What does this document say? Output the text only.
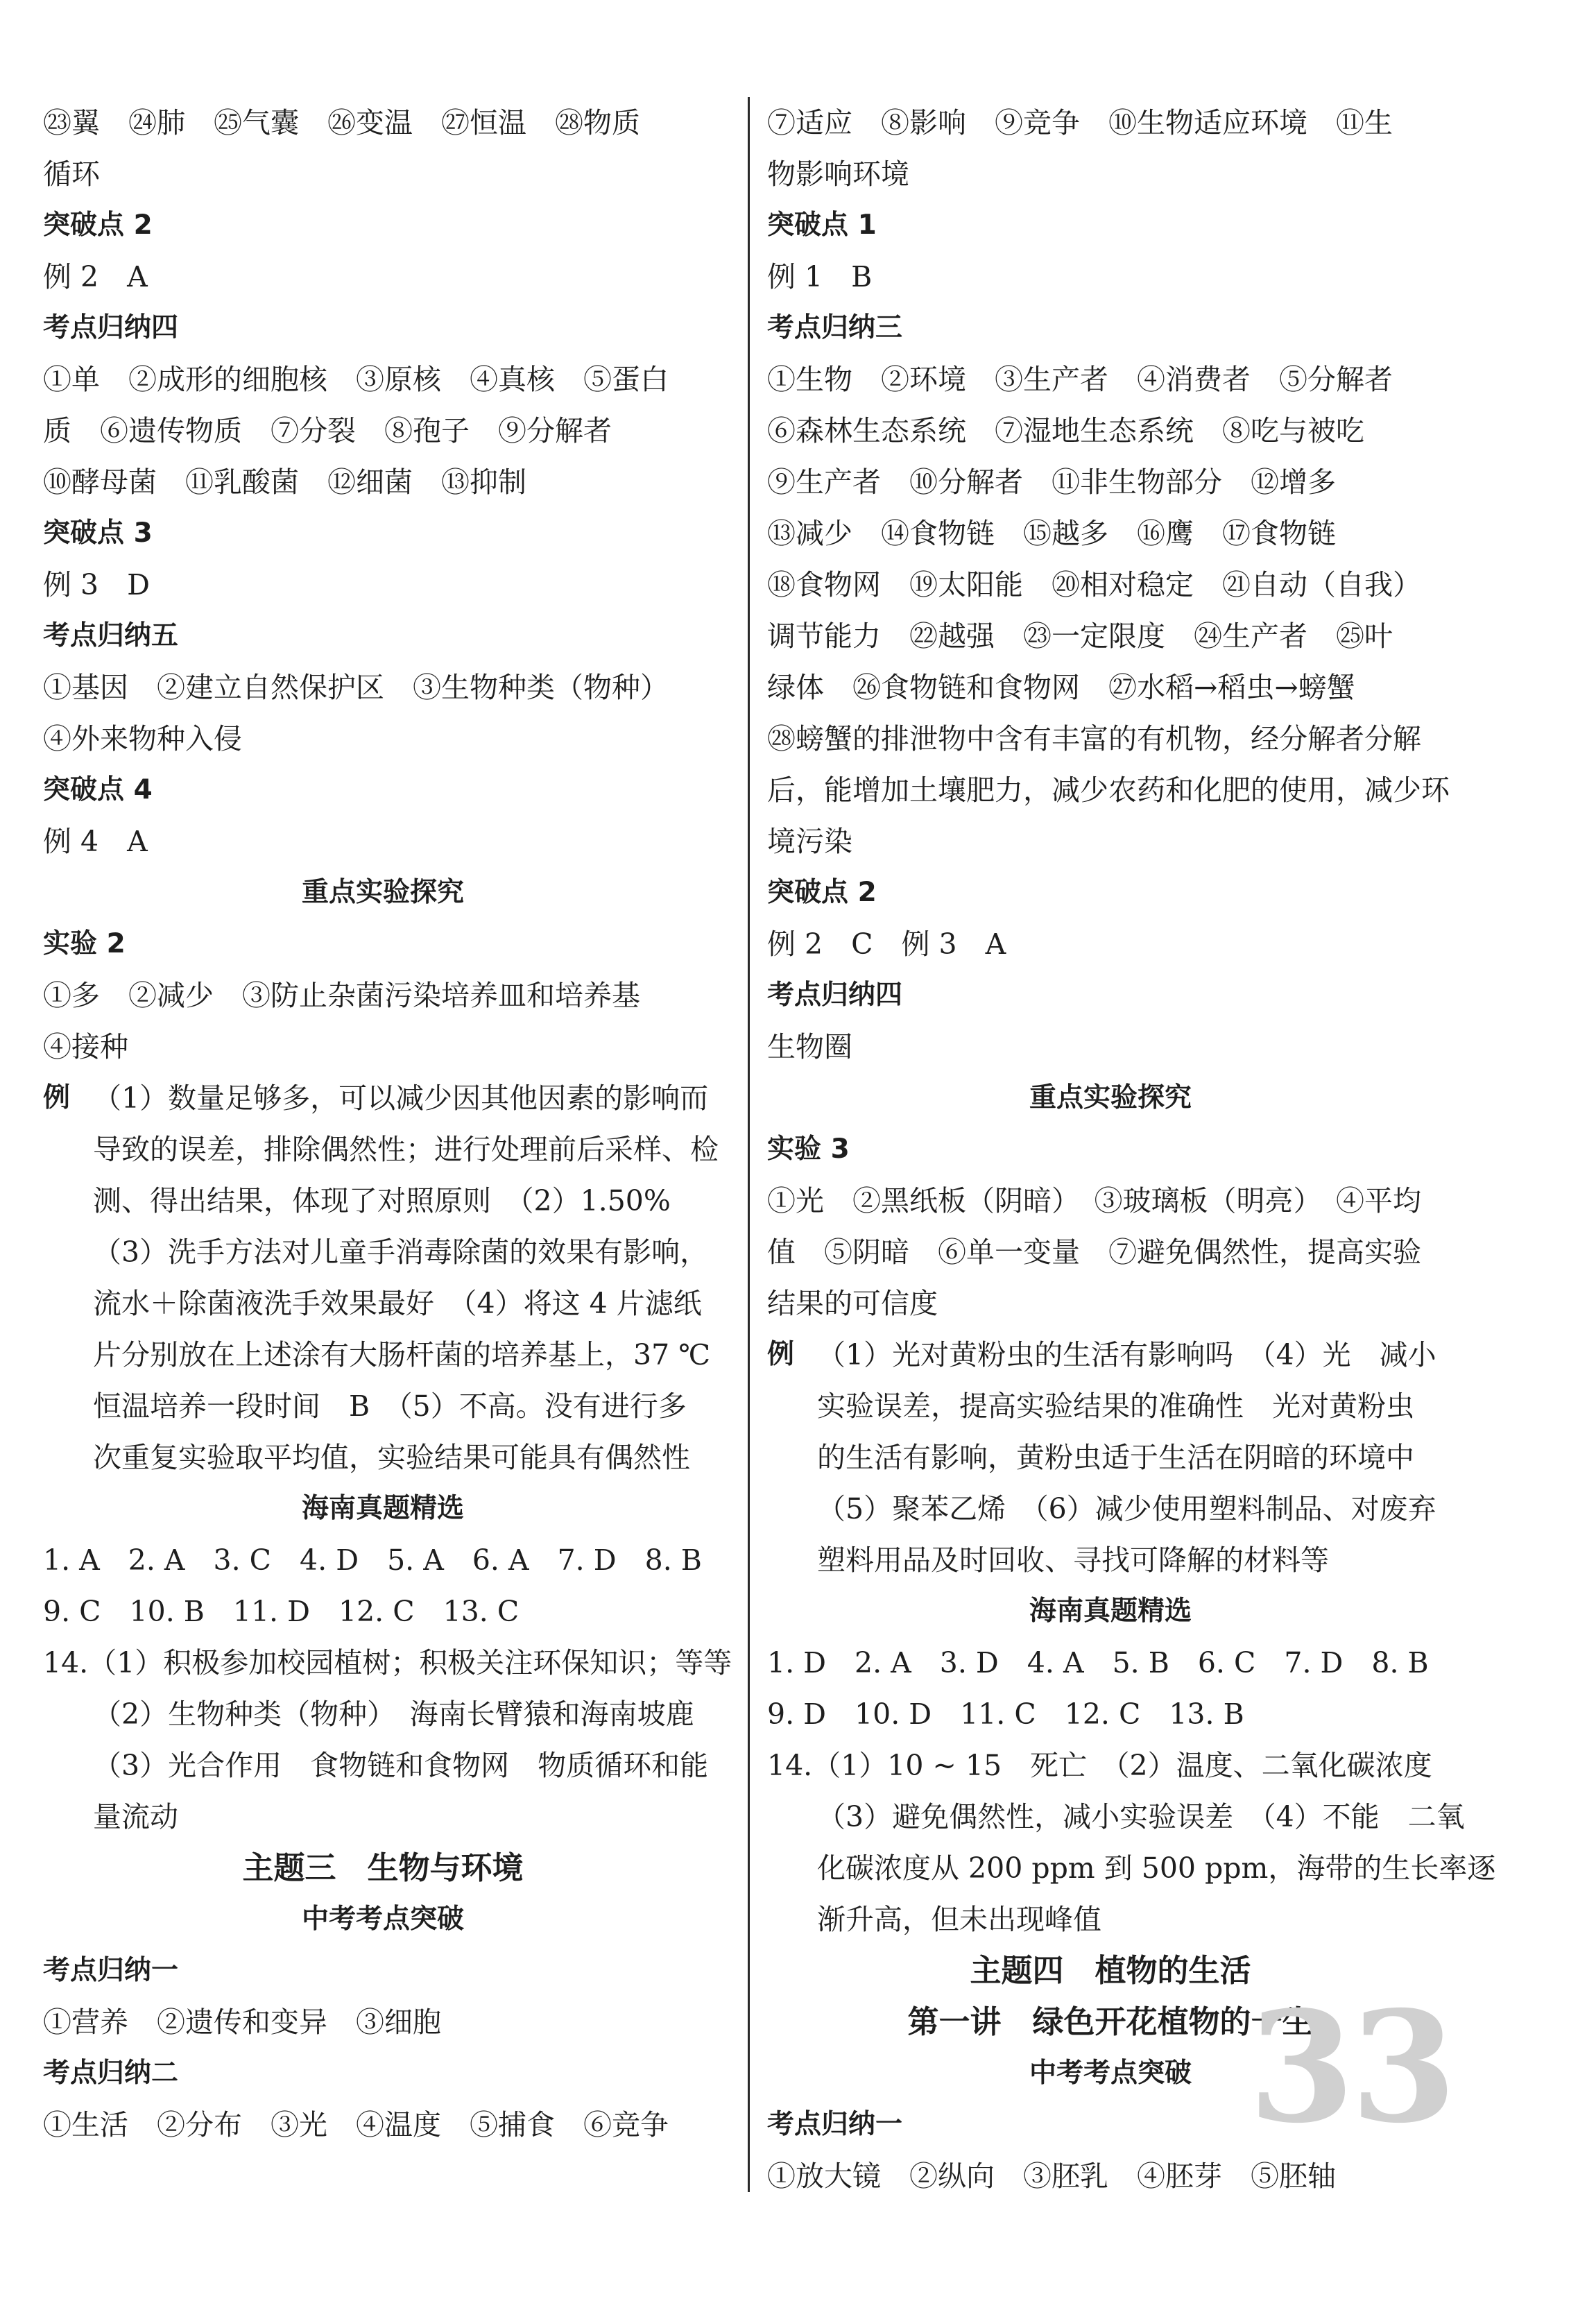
㉓翼　㉔肺　㉕气囊　㉖变温　㉗恒温　㉘物质
循环
突破点 2
例 2　A
考点归纳四
①单　②成形的细胞核　③原核　④真核　⑤蛋白
质　⑥遗传物质　⑦分裂　⑧孢子　⑨分解者
⑩酵母菌　⑪乳酸菌　⑫细菌　⑬抑制
突破点 3
例 3　D
考点归纳五
①基因　②建立自然保护区　③生物种类（物种）
④外来物种入侵
突破点 4
例 4　A
重点实验探究
实验 2
①多　②减少　③防止杂菌污染培养皿和培养基
④接种
例 （1）数量足够多，可以减少因其他因素的影响而
导致的误差，排除偶然性；进行处理前后采样、检
测、得出结果，体现了对照原则　（2）1.50%
（3）洗手方法对儿童手消毒除菌的效果有影响，
流水＋除菌液洗手效果最好　（4）将这 4 片滤纸
片分别放在上述涂有大肠杆菌的培养基上，37 ℃
恒温培养一段时间　B　（5）不高。没有进行多
次重复实验取平均值，实验结果可能具有偶然性
海南真题精选
1. A　2. A　3. C　4. D　5. A　6. A　7. D　8. B
9. C　10. B　11. D　12. C　13. C
14.（1）积极参加校园植树；积极关注环保知识；等等
（2）生物种类（物种）　海南长臂猿和海南坡鹿
（3）光合作用　食物链和食物网　物质循环和能
量流动
主题三　生物与环境
中考考点突破
考点归纳一
①营养　②遗传和变异　③细胞
考点归纳二
①生活　②分布　③光　④温度　⑤捕食　⑥竞争
⑦适应　⑧影响　⑨竞争　⑩生物适应环境　⑪生
物影响环境
突破点 1
例 1　B
考点归纳三
①生物　②环境　③生产者　④消费者　⑤分解者
⑥森林生态系统　⑦湿地生态系统　⑧吃与被吃
⑨生产者　⑩分解者　⑪非生物部分　⑫增多
⑬减少　⑭食物链　⑮越多　⑯鹰　⑰食物链
⑱食物网　⑲太阳能　⑳相对稳定　㉑自动（自我）
调节能力　㉒越强　㉓一定限度　㉔生产者　㉕叶
绿体　㉖食物链和食物网　㉗水稻→稻虫→螃蟹
㉘螃蟹的排泄物中含有丰富的有机物，经分解者分解
后，能增加土壤肥力，减少农药和化肥的使用，减少环
境污染
突破点 2
例 2　C　例 3　A
考点归纳四
生物圈
重点实验探究
实验 3
①光　②黑纸板（阴暗）　③玻璃板（明亮）　④平均
值　⑤阴暗　⑥单一变量　⑦避免偶然性，提高实验
结果的可信度
例 （1）光对黄粉虫的生活有影响吗　（4）光　减小
实验误差，提高实验结果的准确性　光对黄粉虫
的生活有影响，黄粉虫适于生活在阴暗的环境中
（5）聚苯乙烯　（6）减少使用塑料制品、对废弃
塑料用品及时回收、寻找可降解的材料等
海南真题精选
1. D　2. A　3. D　4. A　5. B　6. C　7. D　8. B
9. D　10. D　11. C　12. C　13. B
14.（1）10 ~ 15　死亡　（2）温度、二氧化碳浓度
（3）避免偶然性，减小实验误差　（4）不能　二氧
化碳浓度从 200 ppm 到 500 ppm，海带的生长率逐
渐升高，但未出现峰值
主题四　植物的生活
第一讲　绿色开花植物的一生
中考考点突破
考点归纳一
①放大镜　②纵向　③胚乳　④胚芽　⑤胚轴
33
